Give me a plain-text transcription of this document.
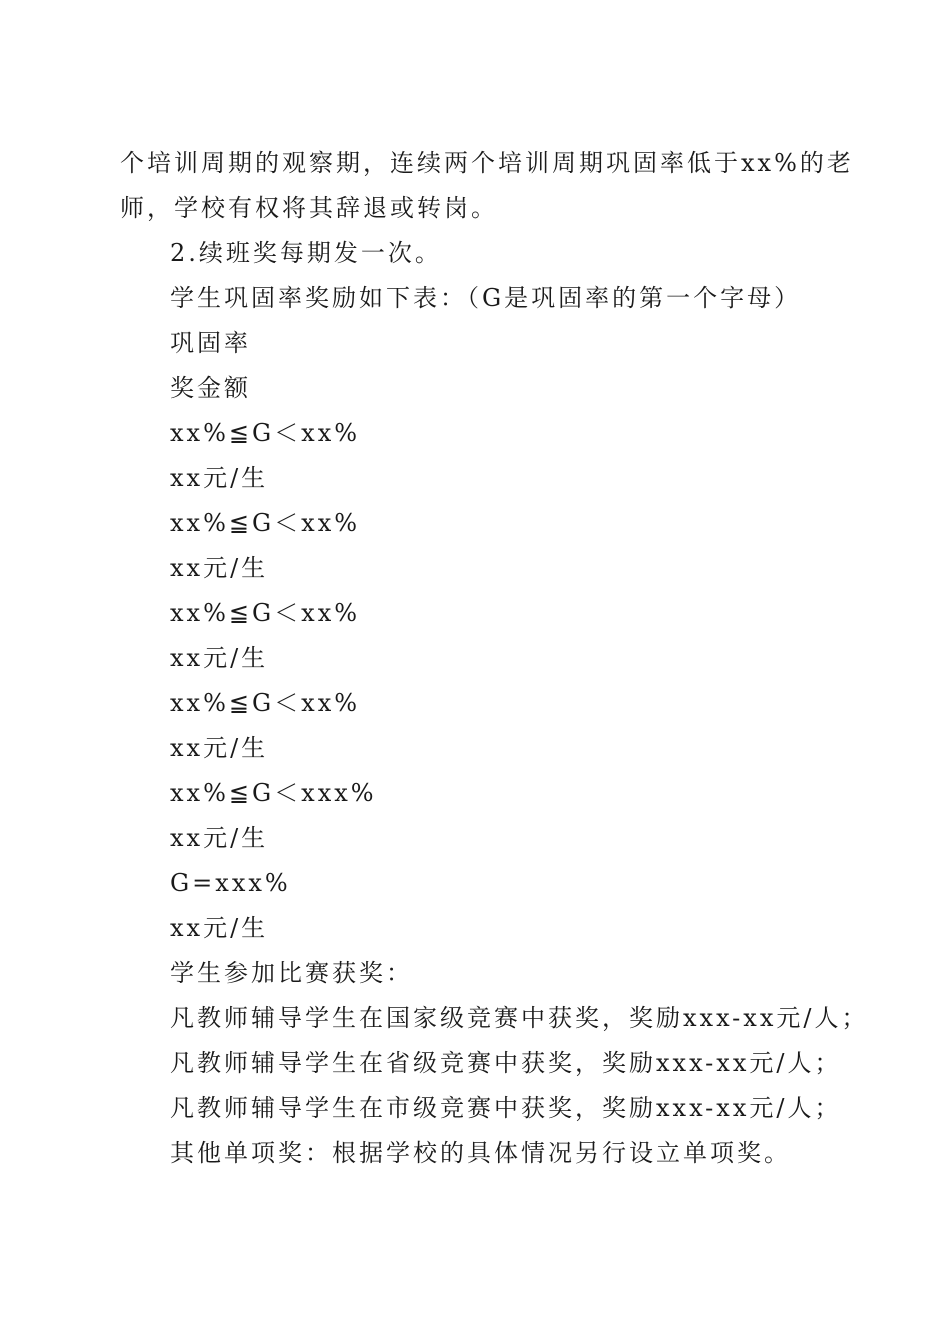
个培训周期的观察期，连续两个培训周期巩固率低于xx%的老
师，学校有权将其辞退或转岗。
2.续班奖每期发一次。
学生巩固率奖励如下表：（G是巩固率的第一个字母）
巩固率
奖金额
xx%≦G＜xx%
xx元/生
xx%≦G＜xx%
xx元/生
xx%≦G＜xx%
xx元/生
xx%≦G＜xx%
xx元/生
xx%≦G＜xxx%
xx元/生
G=xxx%
xx元/生
学生参加比赛获奖：
凡教师辅导学生在国家级竞赛中获奖，奖励xxx-xx元/人；
凡教师辅导学生在省级竞赛中获奖，奖励xxx-xx元/人；
凡教师辅导学生在市级竞赛中获奖，奖励xxx-xx元/人；
其他单项奖：根据学校的具体情况另行设立单项奖。
